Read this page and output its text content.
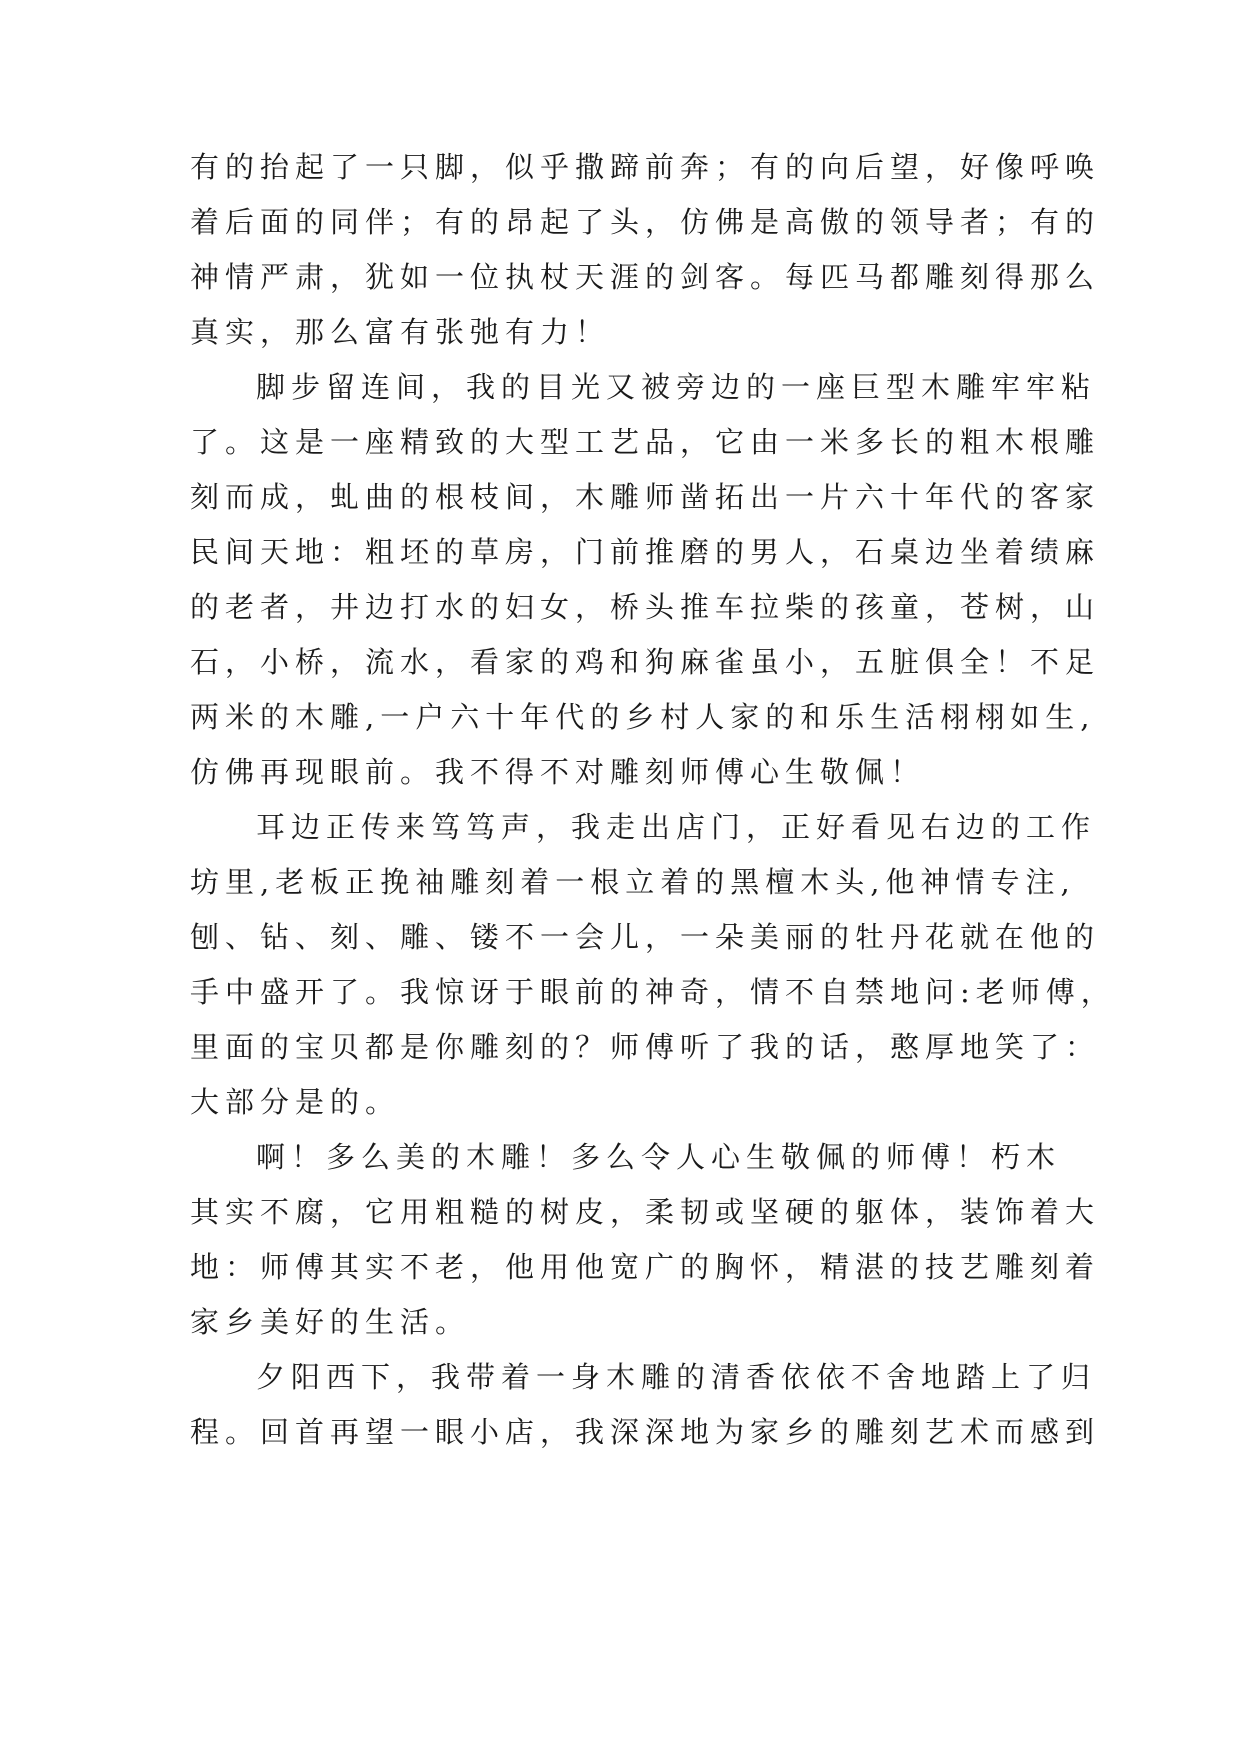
有的抬起了一只脚，似乎撒蹄前奔；有的向后望，好像呼唤
着后面的同伴；有的昂起了头，仿佛是高傲的领导者；有的
神情严肃，犹如一位执杖天涯的剑客。每匹马都雕刻得那么
真实，那么富有张弛有力！
脚步留连间，我的目光又被旁边的一座巨型木雕牢牢粘
了。这是一座精致的大型工艺品，它由一米多长的粗木根雕
刻而成，虬曲的根枝间，木雕师凿拓出一片六十年代的客家
民间天地：粗坯的草房，门前推磨的男人，石桌边坐着绩麻
的老者，井边打水的妇女，桥头推车拉柴的孩童，苍树，山
石，小桥，流水，看家的鸡和狗麻雀虽小，五脏俱全！不足
两米的木雕,一户六十年代的乡村人家的和乐生活栩栩如生,
仿佛再现眼前。我不得不对雕刻师傅心生敬佩！
耳边正传来笃笃声，我走出店门，正好看见右边的工作
坊里,老板正挽袖雕刻着一根立着的黑檀木头,他神情专注,
刨、钻、刻、雕、镂不一会儿，一朵美丽的牡丹花就在他的
手中盛开了。我惊讶于眼前的神奇，情不自禁地问:老师傅，
里面的宝贝都是你雕刻的？师傅听了我的话，憨厚地笑了：
大部分是的。
啊！多么美的木雕！多么令人心生敬佩的师傅！朽木
其实不腐，它用粗糙的树皮，柔韧或坚硬的躯体，装饰着大
地：师傅其实不老，他用他宽广的胸怀，精湛的技艺雕刻着
家乡美好的生活。
夕阳西下，我带着一身木雕的清香依依不舍地踏上了归
程。回首再望一眼小店，我深深地为家乡的雕刻艺术而感到
